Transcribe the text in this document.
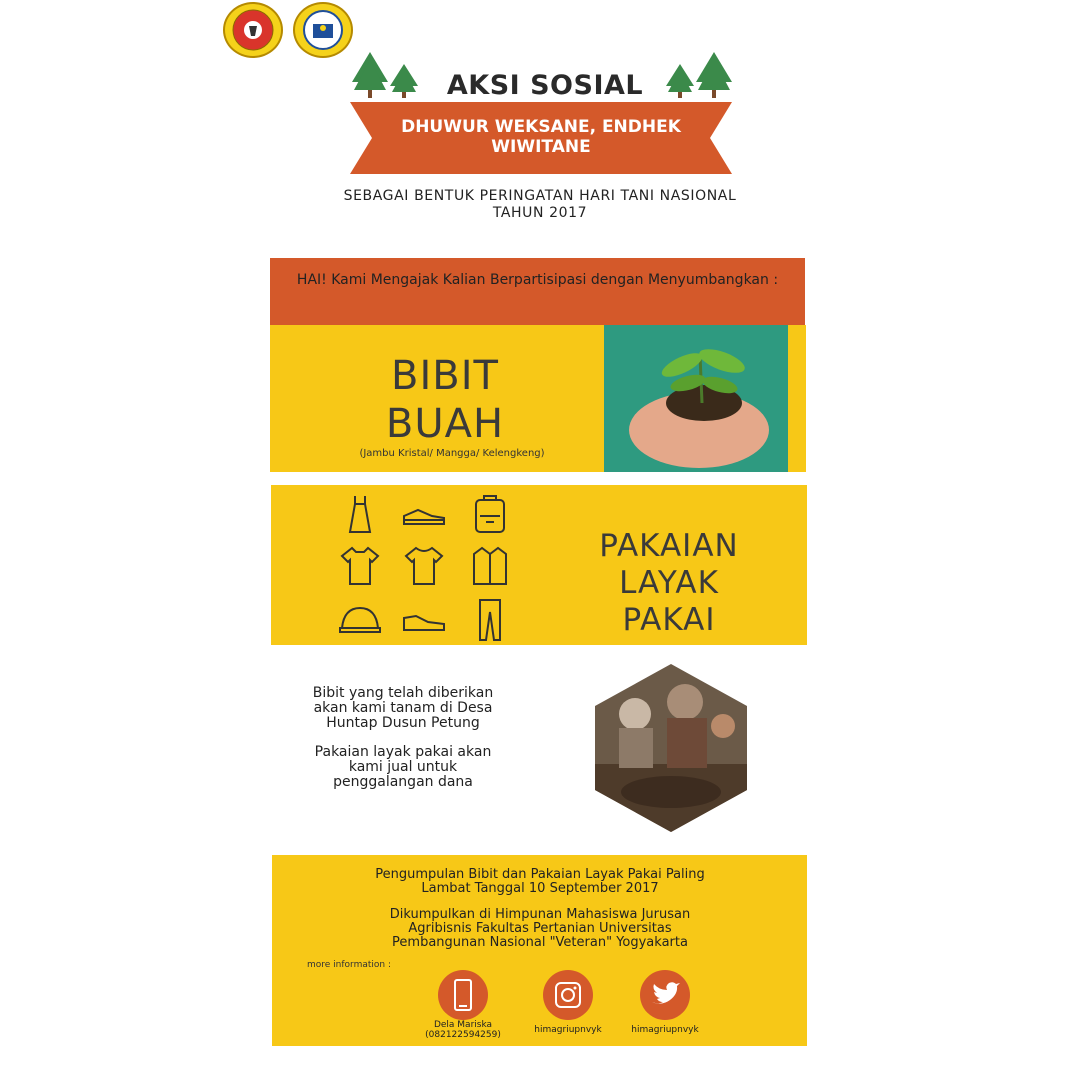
AKSI SOSIAL
DHUWUR WEKSANE, ENDHEK WIWITANE
SEBAGAI BENTUK PERINGATAN HARI TANI NASIONAL TAHUN 2017
HAI! Kami Mengajak Kalian Berpartisipasi dengan Menyumbangkan :
BIBIT
BUAH
(Jambu Kristal/ Mangga/ Kelengkeng)
PAKAIAN LAYAK
PAKAI
Bibit yang telah diberikan akan kami tanam di Desa Huntap Dusun Petung
Pakaian layak pakai akan kami jual untuk penggalangan dana
Pengumpulan Bibit dan Pakaian Layak Pakai Paling Lambat Tanggal 10 September 2017
Dikumpulkan di Himpunan Mahasiswa Jurusan Agribisnis Fakultas Pertanian Universitas Pembangunan Nasional "Veteran" Yogyakarta
more information :
Dela Mariska (082122594259)	himagriupnvyk	himagriupnvyk
